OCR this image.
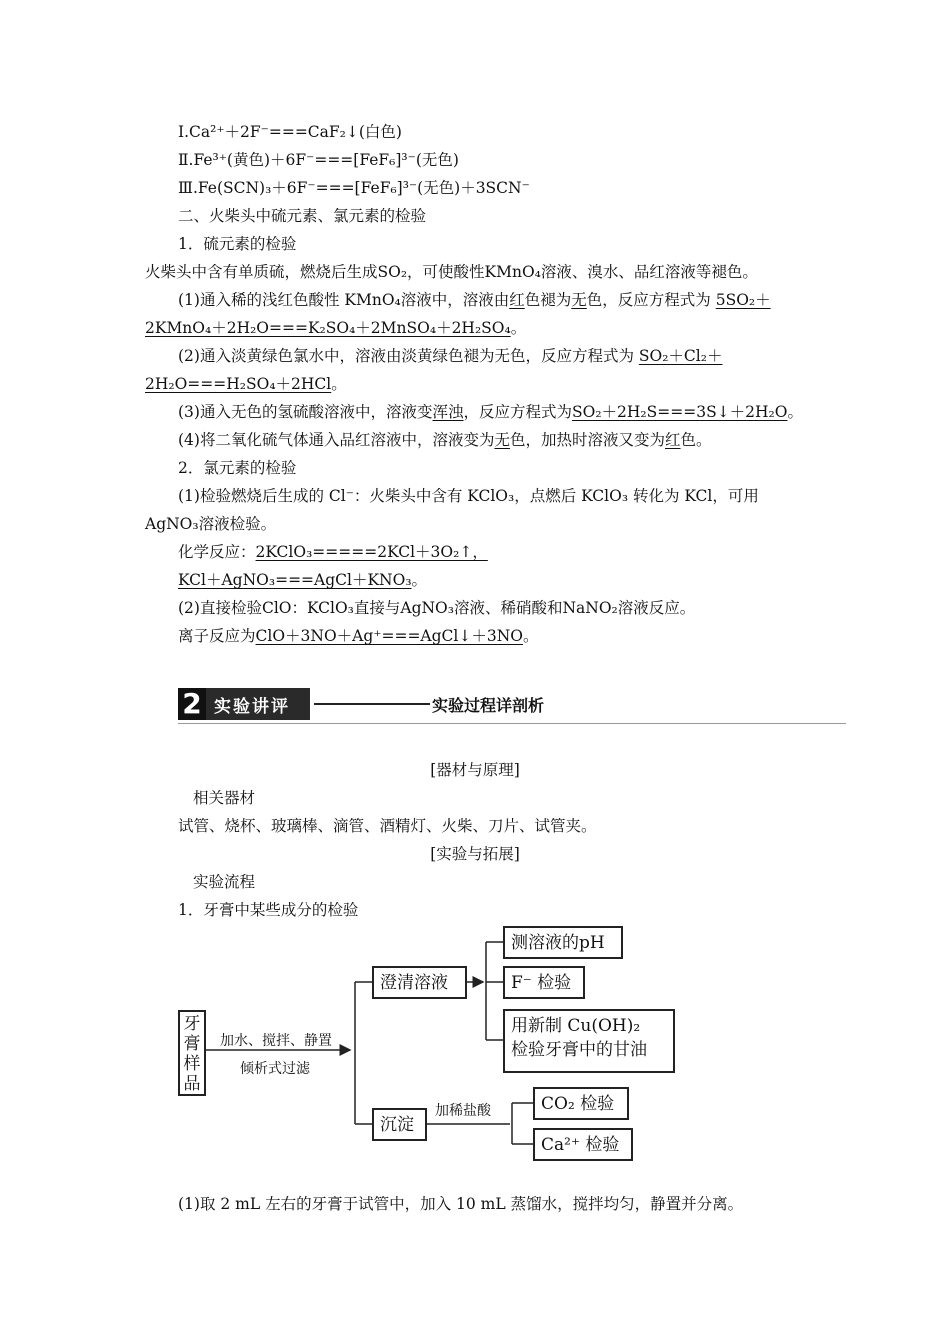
Ⅰ.Ca²⁺＋2F⁻===CaF₂↓(白色)
Ⅱ.Fe³⁺(黄色)＋6F⁻===[FeF₆]³⁻(无色)
Ⅲ.Fe(SCN)₃＋6F⁻===[FeF₆]³⁻(无色)＋3SCN⁻
二、火柴头中硫元素、氯元素的检验
1．硫元素的检验
火柴头中含有单质硫，燃烧后生成SO₂，可使酸性KMnO₄溶液、溴水、品红溶液等褪色。
(1)通入稀的浅红色酸性 KMnO₄溶液中，溶液由红色褪为无色，反应方程式为 5SO₂＋
2KMnO₄＋2H₂O===K₂SO₄＋2MnSO₄＋2H₂SO₄。
(2)通入淡黄绿色氯水中，溶液由淡黄绿色褪为无色，反应方程式为 SO₂＋Cl₂＋
2H₂O===H₂SO₄＋2HCl。
(3)通入无色的氢硫酸溶液中，溶液变浑浊，反应方程式为SO₂＋2H₂S===3S↓＋2H₂O。
(4)将二氧化硫气体通入品红溶液中，溶液变为无色，加热时溶液又变为红色。
2．氯元素的检验
(1)检验燃烧后生成的 Cl⁻：火柴头中含有 KClO₃，点燃后 KClO₃ 转化为 KCl，可用
AgNO₃溶液检验。
化学反应：2KClO₃=====2KCl＋3O₂↑，
KCl＋AgNO₃===AgCl＋KNO₃。
(2)直接检验ClO：KClO₃直接与AgNO₃溶液、稀硝酸和NaNO₂溶液反应。
离子反应为ClO＋3NO＋Ag⁺===AgCl↓＋3NO。
2 实验讲评	实验过程详剖析
[器材与原理]
相关器材
试管、烧杯、玻璃棒、滴管、酒精灯、火柴、刀片、试管夹。
[实验与拓展]
实验流程
1．牙膏中某些成分的检验
牙
膏
样
品
加水、搅拌、静置
倾析式过滤
澄清溶液
测溶液的pH
F⁻ 检验
用新制 Cu(OH)₂
检验牙膏中的甘油
沉淀
加稀盐酸	CO₂ 检验
Ca²⁺ 检验
(1)取 2 mL 左右的牙膏于试管中，加入 10 mL 蒸馏水，搅拌均匀，静置并分离。
